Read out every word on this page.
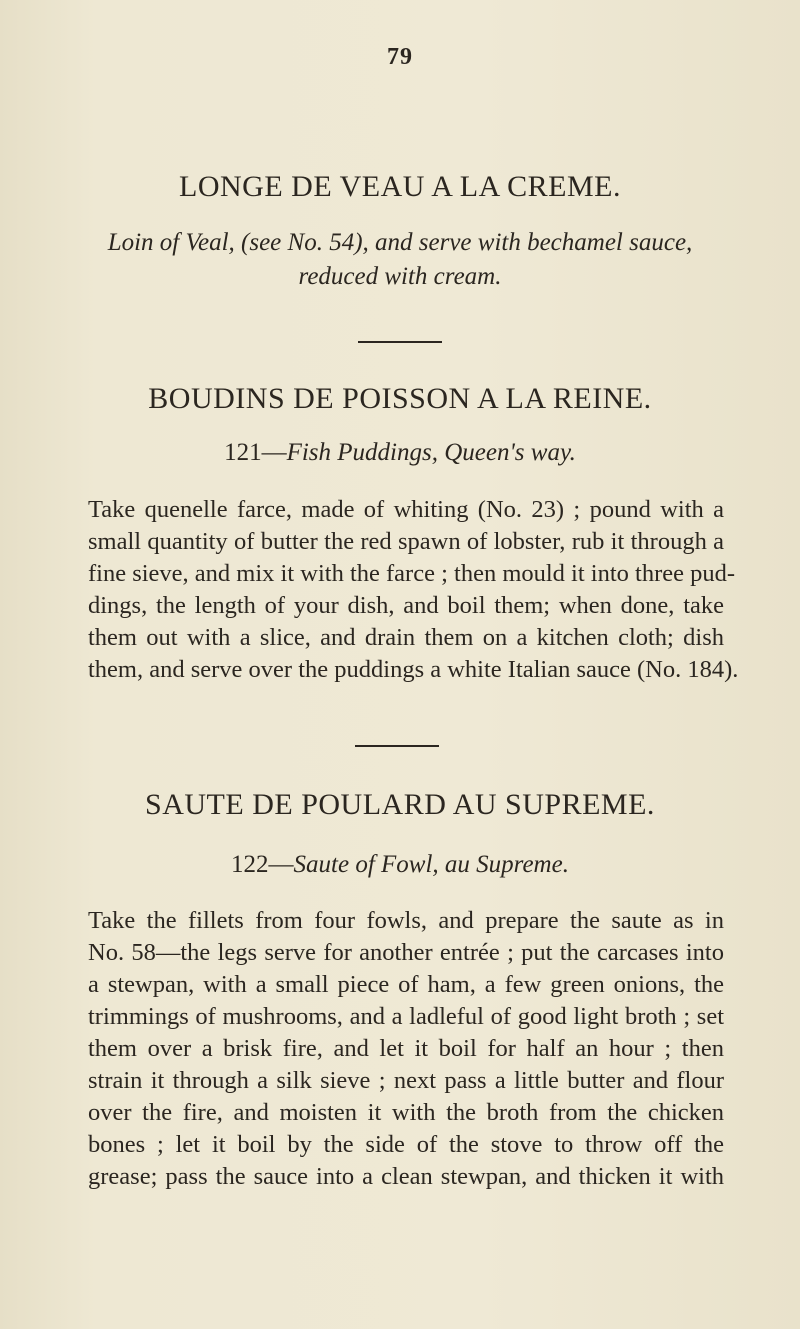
79
LONGE DE VEAU A LA CREME.
Loin of Veal, (see No. 54), and serve with bechamel sauce,
reduced with cream.
BOUDINS DE POISSON A LA REINE.
121—Fish Puddings, Queen's way.
Take quenelle farce, made of whiting (No. 23) ; pound with a
small quantity of butter the red spawn of lobster, rub it through a
fine sieve, and mix it with the farce ; then mould it into three pud-
dings, the length of your dish, and boil them; when done, take
them out with a slice, and drain them on a kitchen cloth; dish
them, and serve over the puddings a white Italian sauce (No. 184).
SAUTE DE POULARD AU SUPREME.
122—Saute of Fowl, au Supreme.
Take the fillets from four fowls, and prepare the saute as in
No. 58—the legs serve for another entrée ; put the carcases into
a stewpan, with a small piece of ham, a few green onions, the
trimmings of mushrooms, and a ladleful of good light broth ; set
them over a brisk fire, and let it boil for half an hour ; then
strain it through a silk sieve ; next pass a little butter and flour
over the fire, and moisten it with the broth from the chicken
bones ; let it boil by the side of the stove to throw off the
grease; pass the sauce into a clean stewpan, and thicken it with
